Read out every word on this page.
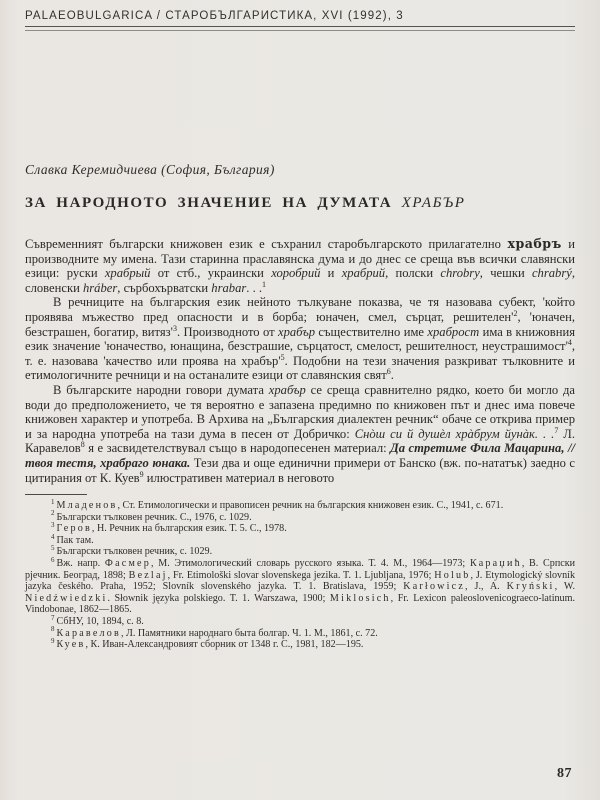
PALAEOBULGARICA / СТАРОБЪЛГАРИСТИКА, XVI (1992), 3
Славка Керемидчиева (София, България)
ЗА НАРОДНОТО ЗНАЧЕНИЕ НА ДУМАТА ХРАБЪР

Съвременният български книжовен език е съхранил старобългарското прилагателно храбръ и производните му имена. Тази старинна праславянска дума и до днес се среща във всички славянски езици: руски храбрый от стб., украински хоробрий и храбрий, полски chrobry, чешки chrabrý, словенски hráber, сърбохърватски hrabar. . .$^1$

В речниците на българския език нейното тълкуване показва, че тя назовава субект, 'който проявява мъжество пред опасности и в борба; юначен, смел, сърцат, $решителен'^2$, 'юначен, безстрашен, богатир, $витяз'^3$. Производното от храбър съществително име храброст има в книжовния език значение 'юначество, юнащина, безстрашие, сърцатост, смелост, решителност, $неустрашимост'^4$, т. е. назовава 'качество или проява на $храбър'^5$. Подобни на тези значения разкриват тълковните и етимологичните речници и на останалите езици от славянския свят$^6$.

В българските народни говори думата храбър се среща сравнително рядко, което би могло да води до предположението, че тя вероятно е запазена предимно по книжовен път и днес има повече книжовен характер и употреба. В Архива на „Българския диалектен речник“ обаче се открива пример и за народна употреба на тази дума в песен от Добричко: Снòш си й душèл хрàбрум йунàк. . .$^7$ Л. Каравелов$^8$ я е засвидетелствувал също в народопесенен материал: Да стретиме Фила Мацарина, // твоя тестя, храбраго юнака. Тези два и още единични примери от Банско (вж. по-нататък) заедно с цитирания от К. Куев$^9$ илюстративен материал в неговото

$^1$ Младенов, Ст. Етимологически и правописен речник на българския книжовен език. С., 1941, с. 671.

$^2$ Български тълковен речник. С., 1976, с. 1029.

$^3$ Геров, Н. Речник на българския език. Т. 5. С., 1978.

$^4$ Пак там.

$^5$ Български тълковен речник, с. 1029.

$^6$ Вж. напр. Фасмер, М. Этимологический словарь русского языка. Т. 4. М., 1964—1973; Караџић, В. Српски рјечник. Београд, 1898; Bezlaj, Fr. Etimološki slovar slovenskega jezika. T. 1. Ljubljana, 1976; Holub, J. Etymologický slovník jazyka českého. Praha, 1952; Slovník slovenského jazyka. T. 1. Bratislava, 1959; Karłowicz, J., A. Kryński, W. Niedźwiedzki. Słownik języka polskiego. T. 1. Warszawa, 1900; Miklosich, Fr. Lexicon paleoslovenicograeco-latinum. Vindobonae, 1862—1865.

$^7$ СбНУ, 10, 1894, с. 8.

$^8$ Каравелов, Л. Памятники народнаго быта болгар. Ч. 1. М., 1861, с. 72.

$^9$ Куев, К. Иван-Александровият сборник от 1348 г. С., 1981, 182—195.

87
